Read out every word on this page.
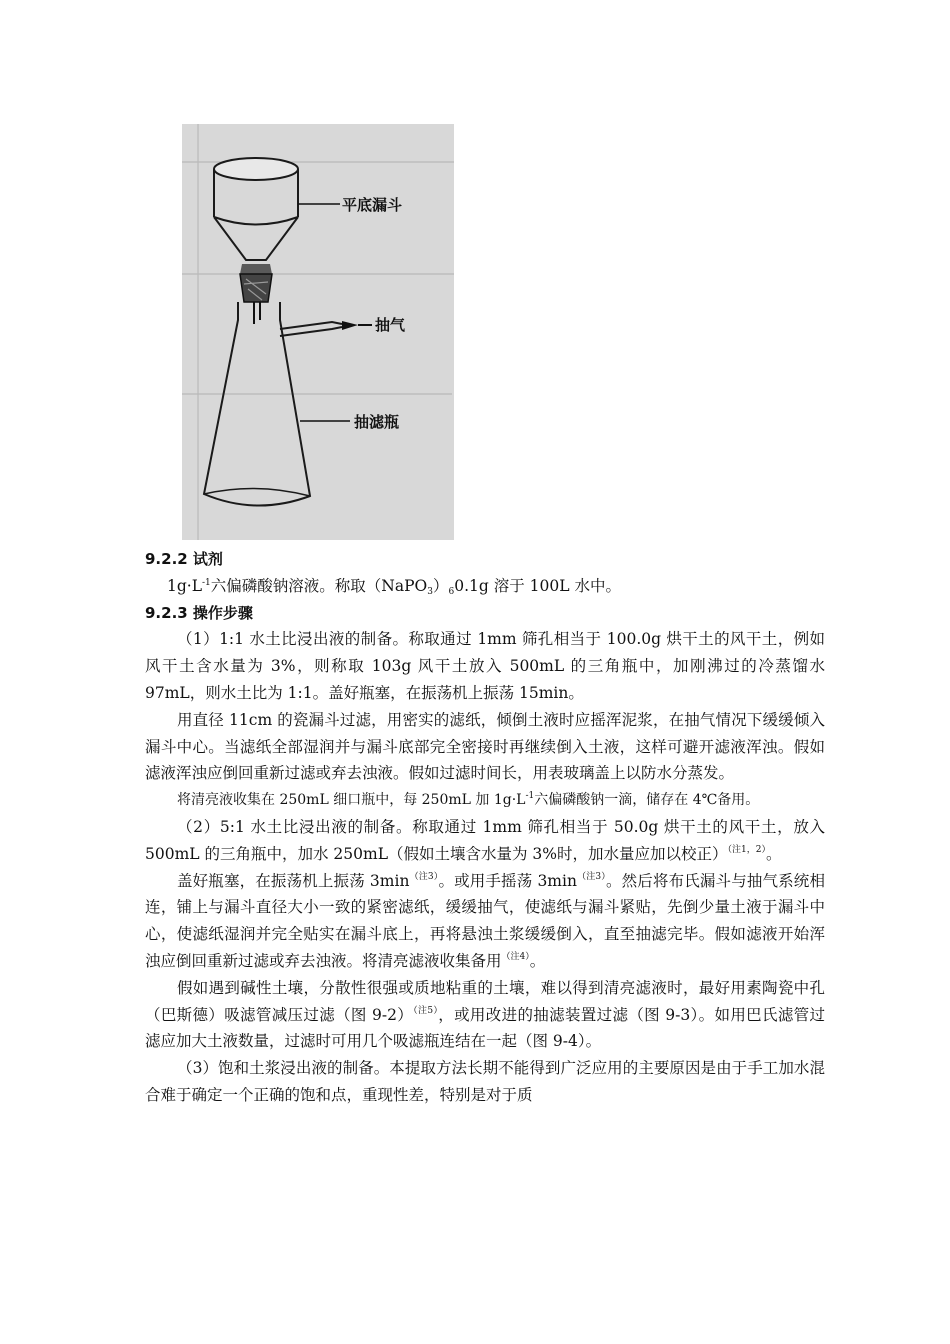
平底漏斗
抽气
抽滤瓶
9.2.2 试剂
$1g\cdot L^{-1}$六偏磷酸钠溶液。称取$(NaPO_3)_60.1g$ 溶于 100L 水中。
9.2.3 操作步骤
（1）1:1 水土比浸出液的制备。称取通过 1mm 筛孔相当于 100.0g 烘干土的风干土，例如风干土含水量为 3%，则称取 103g 风干土放入 500mL 的三角瓶中，加刚沸过的冷蒸馏水 97mL，则水土比为 1:1。盖好瓶塞，在振荡机上振荡 15min。
用直径 11cm 的瓷漏斗过滤，用密实的滤纸，倾倒土液时应摇浑泥浆，在抽气情况下缓缓倾入漏斗中心。当滤纸全部湿润并与漏斗底部完全密接时再继续倒入土液，这样可避开滤液浑浊。假如滤液浑浊应倒回重新过滤或弃去浊液。假如过滤时间长，用表玻璃盖上以防水分蒸发。
将清亮液收集在 250mL 细口瓶中，每 250mL 加 $1g\cdot L^{-1}$六偏磷酸钠一滴，储存在 4℃备用。
（2）5:1 水土比浸出液的制备。称取通过 1mm 筛孔相当于 50.0g 烘干土的风干土，放入 500mL 的三角瓶中，加水 250mL（假如土壤含水量为 3%时，加水量应加以校正）$^{(注1,2)}$。
盖好瓶塞，在振荡机上振荡 3min$^{(注3)}$。或用手摇荡 3min$^{(注3)}$。然后将布氏漏斗与抽气系统相连，铺上与漏斗直径大小一致的紧密滤纸，缓缓抽气，使滤纸与漏斗紧贴，先倒少量土液于漏斗中心，使滤纸湿润并完全贴实在漏斗底上，再将悬浊土浆缓缓倒入，直至抽滤完毕。假如滤液开始浑浊应倒回重新过滤或弃去浊液。将清亮滤液收集备用$^{(注4)}$。
假如遇到碱性土壤，分散性很强或质地粘重的土壤，难以得到清亮滤液时，最好用素陶瓷中孔（巴斯德）吸滤管减压过滤（图 9-2）$^{(注5)}$，或用改进的抽滤装置过滤（图 9-3）。如用巴氏滤管过滤应加大土液数量，过滤时可用几个吸滤瓶连结在一起（图 9-4）。
（3）饱和土浆浸出液的制备。本提取方法长期不能得到广泛应用的主要原因是由于手工加水混合难于确定一个正确的饱和点，重现性差，特别是对于质
